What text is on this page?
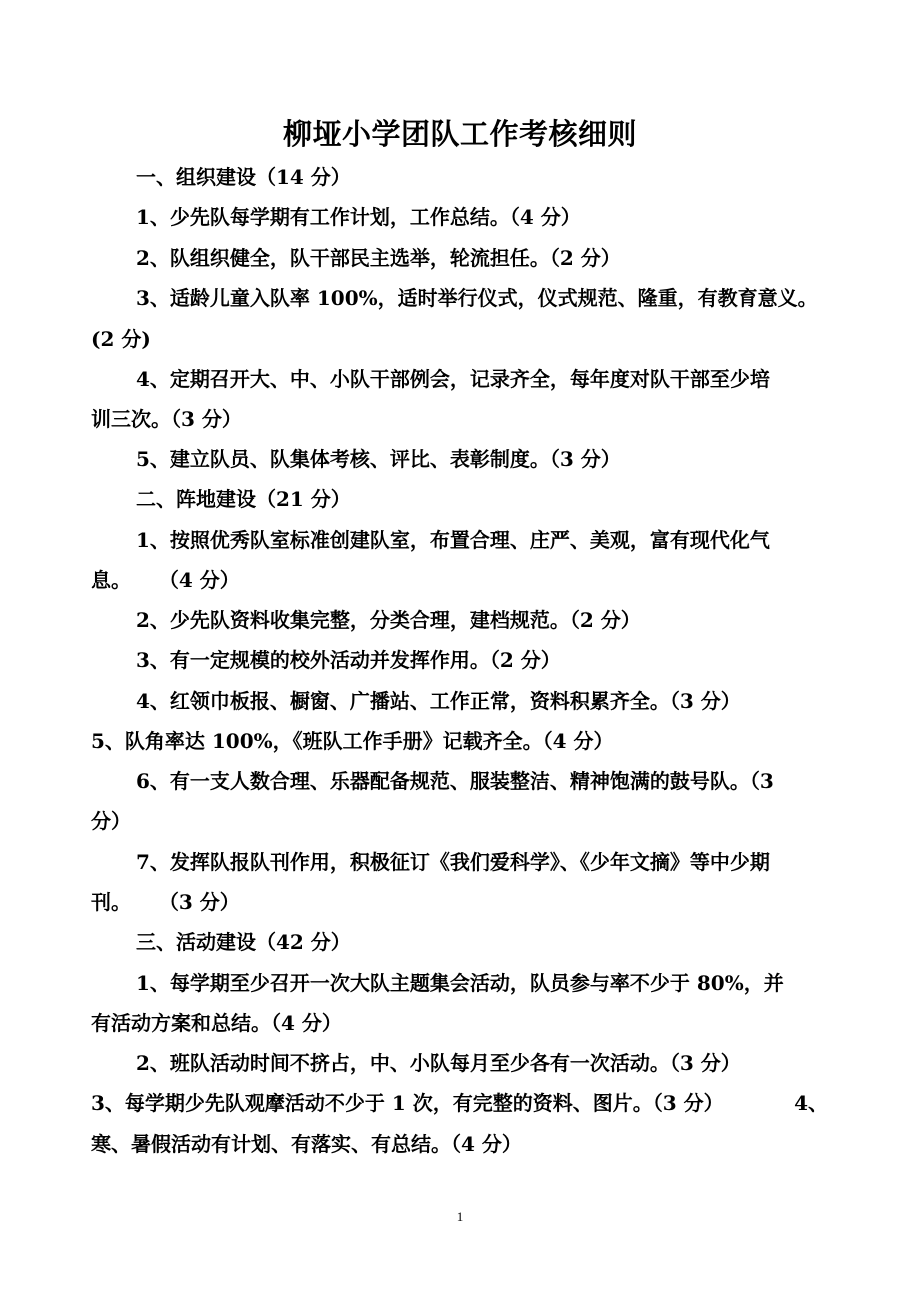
柳垭小学团队工作考核细则
一、组织建设（14 分）
1、少先队每学期有工作计划，工作总结。（4 分）
2、队组织健全，队干部民主选举，轮流担任。（2 分）
3、适龄儿童入队率 100%，适时举行仪式，仪式规范、隆重，有教育意义。
(2 分)
4、定期召开大、中、小队干部例会，记录齐全，每年度对队干部至少培
训三次。（3 分）
5、建立队员、队集体考核、评比、表彰制度。（3 分）
二、阵地建设（21 分）
1、按照优秀队室标准创建队室，布置合理、庄严、美观，富有现代化气
息。    （4 分）
2、少先队资料收集完整，分类合理，建档规范。（2 分）
3、有一定规模的校外活动并发挥作用。（2 分）
4、红领巾板报、橱窗、广播站、工作正常，资料积累齐全。（3 分）
5、队角率达 100%，《班队工作手册》记载齐全。（4 分）
6、有一支人数合理、乐器配备规范、服装整洁、精神饱满的鼓号队。（3
分）
7、发挥队报队刊作用，积极征订《我们爱科学》、《少年文摘》等中少期
刊。    （3 分）
三、活动建设（42 分）
1、每学期至少召开一次大队主题集会活动，队员参与率不少于 80%，并
有活动方案和总结。（4 分）
2、班队活动时间不挤占，中、小队每月至少各有一次活动。（3 分）
3、每学期少先队观摩活动不少于 1 次，有完整的资料、图片。（3 分）	4、
寒、暑假活动有计划、有落实、有总结。（4 分）
1
